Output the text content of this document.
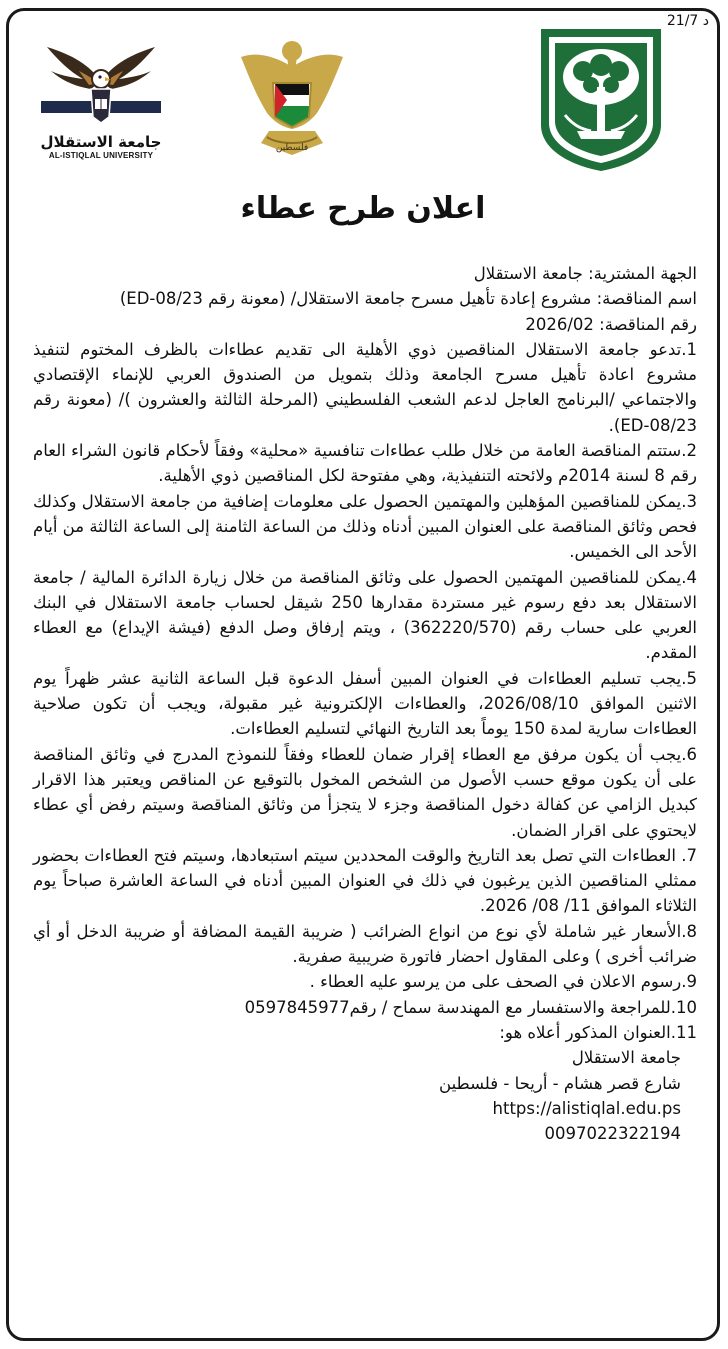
21/7 د
جامعة الاستقلال
AL-ISTIQLAL UNIVERSITY
فلسطين
اعلان طرح عطاء

الجهة المشترية: جامعة الاستقلال

اسم المناقصة: مشروع إعادة تأهيل مسرح جامعة الاستقلال/ (معونة رقم ED-08/23)

رقم المناقصة: 2026/02

1.تدعو جامعة الاستقلال المناقصين ذوي الأهلية الى تقديم عطاءات بالظرف المختوم لتنفيذ مشروع اعادة تأهيل مسرح الجامعة وذلك بتمويل من الصندوق العربي للإنماء الإقتصادي والاجتماعي /البرنامج العاجل لدعم الشعب الفلسطيني (المرحلة الثالثة والعشرون )/ (معونة رقم ED-08/23).

2.ستتم المناقصة العامة من خلال طلب عطاءات تنافسية «محلية» وفقاً لأحكام قانون الشراء العام رقم 8 لسنة 2014م ولائحته التنفيذية، وهي مفتوحة لكل المناقصين ذوي الأهلية.

3.يمكن للمناقصين المؤهلين والمهتمين الحصول على معلومات إضافية من جامعة الاستقلال وكذلك فحص وثائق المناقصة على العنوان المبين أدناه وذلك من الساعة الثامنة إلى الساعة الثالثة من أيام الأحد الى الخميس.

4.يمكن للمناقصين المهتمين الحصول على وثائق المناقصة من خلال زيارة الدائرة المالية / جامعة الاستقلال بعد دفع رسوم غير مستردة مقدارها 250 شيقل لحساب جامعة الاستقلال في البنك العربي على حساب رقم (362220/570) ، ويتم إرفاق وصل الدفع (فيشة الإيداع) مع العطاء المقدم.

5.يجب تسليم العطاءات في العنوان المبين أسفل الدعوة قبل الساعة الثانية عشر ظهراً يوم الاثنين الموافق 2026/08/10، والعطاءات الإلكترونية غير مقبولة، ويجب أن تكون صلاحية العطاءات سارية لمدة 150 يوماً بعد التاريخ النهائي لتسليم العطاءات.

6.يجب أن يكون مرفق مع العطاء إقرار ضمان للعطاء وفقاً للنموذج المدرج في وثائق المناقصة على أن يكون موقع حسب الأصول من الشخص المخول بالتوقيع عن المناقص ويعتبر هذا الاقرار كبديل الزامي عن كفالة دخول المناقصة وجزء لا يتجزأ من وثائق المناقصة وسيتم رفض أي عطاء لايحتوي على اقرار الضمان.

7. العطاءات التي تصل بعد التاريخ والوقت المحددين سيتم استبعادها، وسيتم فتح العطاءات بحضور ممثلي المناقصين الذين يرغبون في ذلك في العنوان المبين أدناه في الساعة العاشرة صباحاً يوم الثلاثاء الموافق 11/ 08/ 2026.

8.الأسعار غير شاملة لأي نوع من انواع الضرائب ( ضريبة القيمة المضافة أو ضريبة الدخل أو أي ضرائب أخرى ) وعلى المقاول احضار فاتورة ضريبية صفرية.

9.رسوم الاعلان في الصحف على من يرسو عليه العطاء .

10.للمراجعة والاستفسار مع المهندسة سماح / رقم0597845977

11.العنوان المذكور أعلاه هو:

جامعة الاستقلال

شارع قصر هشام - أريحا - فلسطين

https://alistiqlal.edu.ps

0097022322194
